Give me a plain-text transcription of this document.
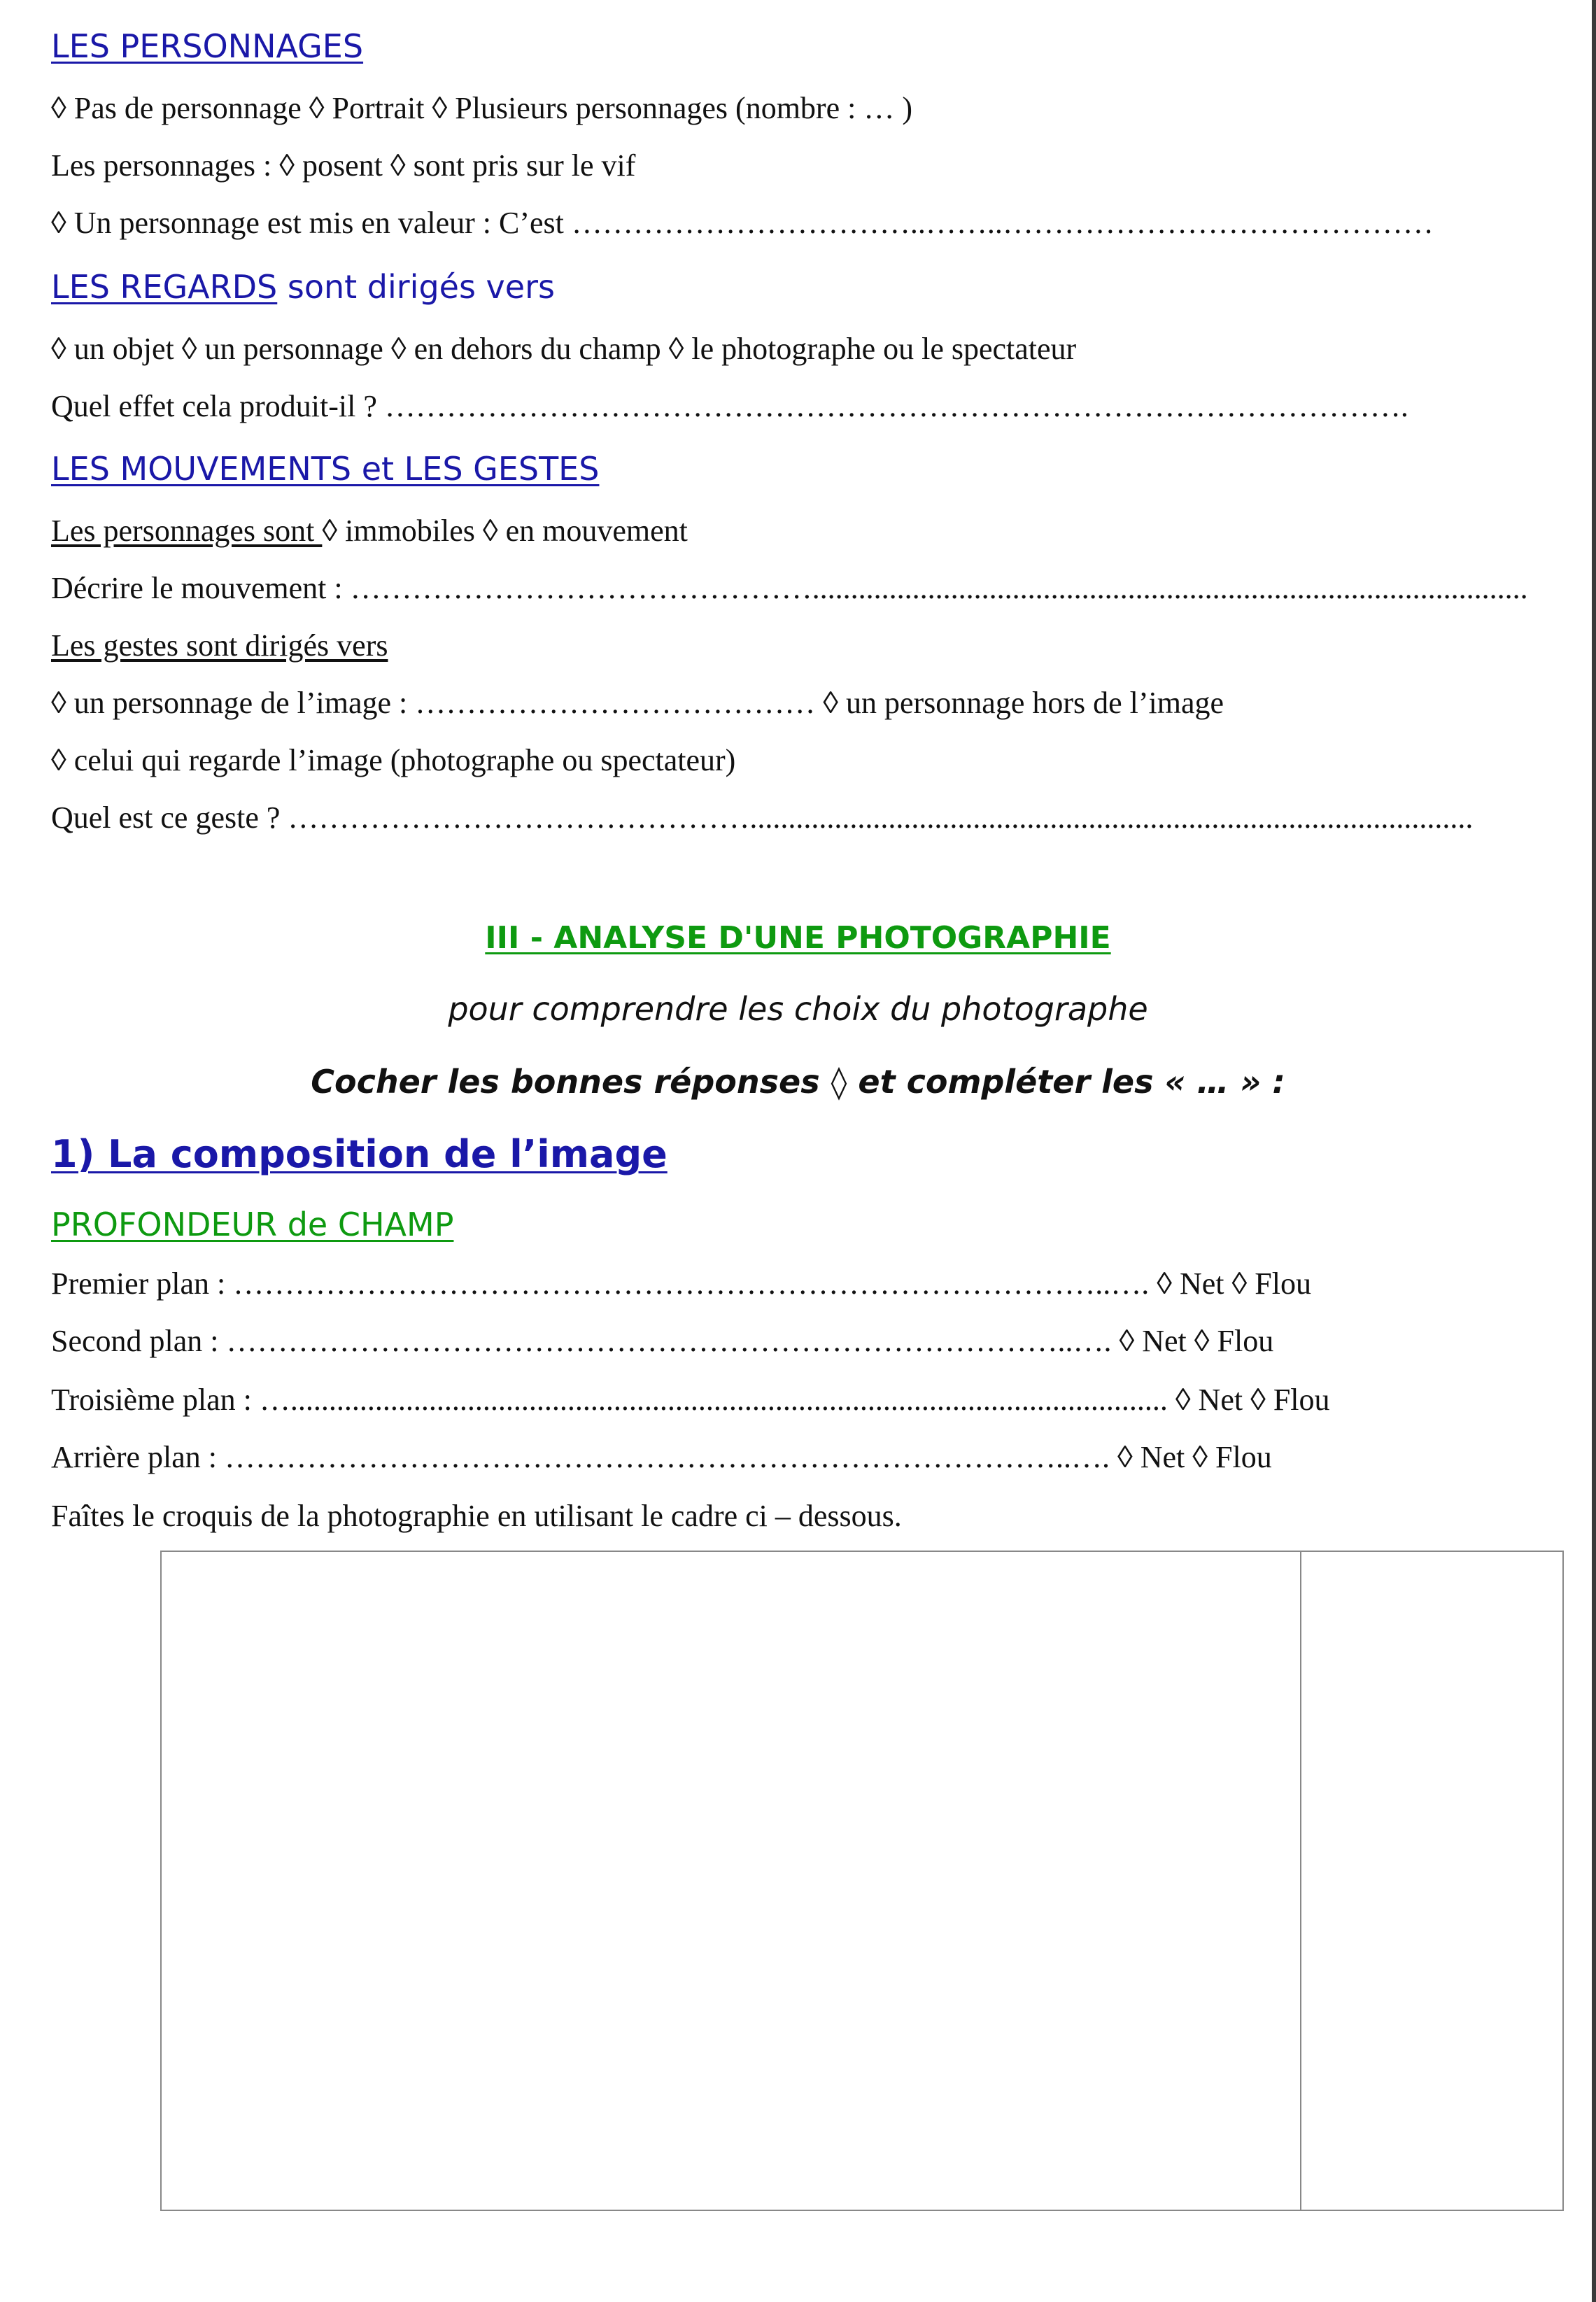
LES PERSONNAGES
◊ Pas de personnage ◊ Portrait ◊ Plusieurs personnages (nombre : … )
Les personnages : ◊ posent ◊ sont pris sur le vif
◊ Un personnage est mis en valeur : C’est ……………………………..……..……………………………………
LES REGARDS sont dirigés vers
◊ un objet ◊ un personnage ◊ en dehors du champ ◊ le photographe ou le spectateur
Quel effet cela produit-il ? ……………………………………………………………………………………….
LES MOUVEMENTS et LES GESTES
Les personnages sont ◊ immobiles ◊ en mouvement
Décrire le mouvement : ……………………………………….............................................................................................
Les gestes sont dirigés vers
◊ un personnage de l’image : ………………………………… ◊ un personnage hors de l’image
◊ celui qui regarde l’image (photographe ou spectateur)
Quel est ce geste ? ………………………………………..............................................................................................
III - ANALYSE D'UNE PHOTOGRAPHIE
pour comprendre les choix du photographe
Cocher les bonnes réponses ◊ et compléter les « … » :
1) La composition de l’image
PROFONDEUR de CHAMP
Premier plan : …………………………………………………………………………..…. ◊ Net ◊ Flou
Second plan : ………………………………………………………………………..…. ◊ Net ◊ Flou
Troisième plan : ….................................................................................................................. ◊ Net ◊ Flou
Arrière plan : ………………………………………………………………………..…. ◊ Net ◊ Flou
Faîtes le croquis de la photographie en utilisant le cadre ci – dessous.
